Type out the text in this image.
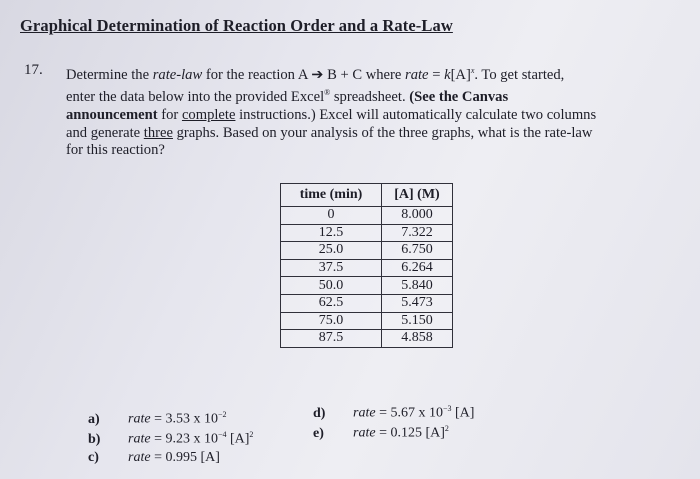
Graphical Determination of Reaction Order and a Rate-Law
17. Determine the rate-law for the reaction A ➔ B + C where rate = $k[A]^x$. To get started,
enter the data below into the provided Excel® spreadsheet. (See the Canvas
announcement for complete instructions.) Excel will automatically calculate two columns
and generate three graphs. Based on your analysis of the three graphs, what is the rate-law
for this reaction?
time (min)	[A] (M)
0	8.000
12.5	7.322
25.0	6.750
37.5	6.264
50.0	5.840
62.5	5.473
75.0	5.150
87.5	4.858
a) rate = 3.53 x $10^{-2}$
b) rate = 9.23 x $10^{-4}$ $[A]^2$
c) rate = 0.995 [A]
d) rate = 5.67 x $10^{-3}$ [A]
e) rate = 0.125 $[A]^2$
